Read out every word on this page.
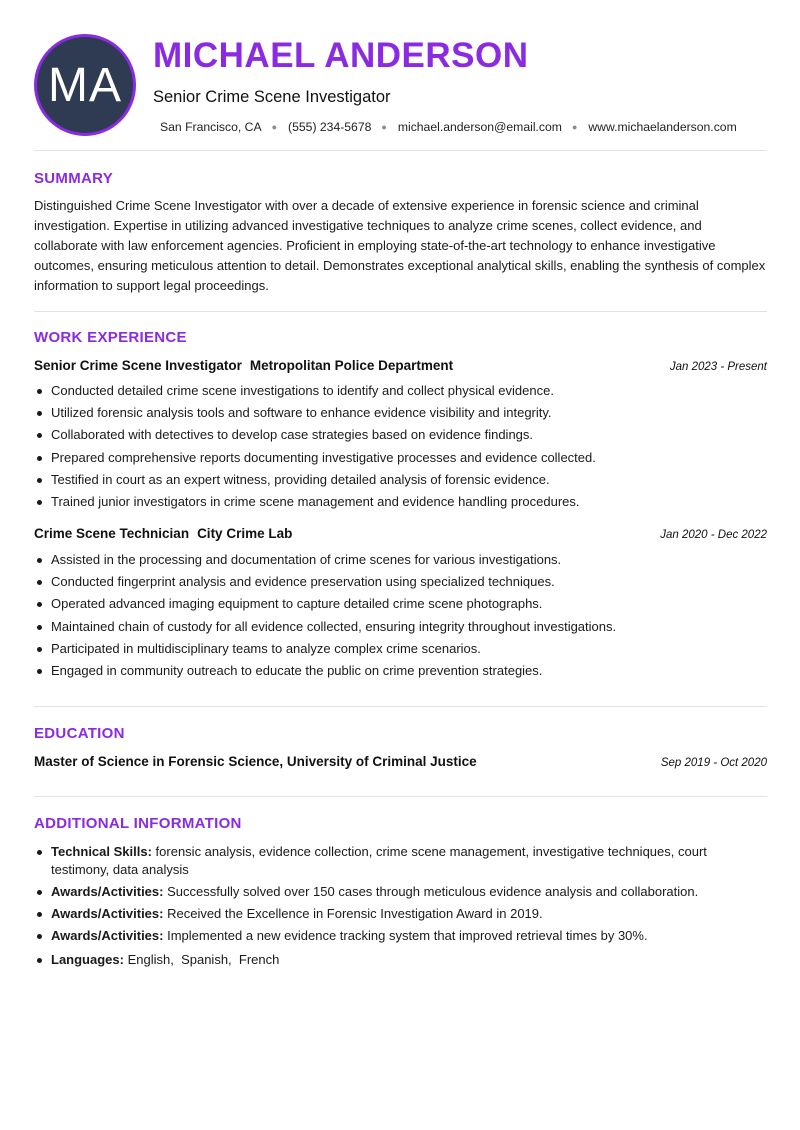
MA
MICHAEL ANDERSON
Senior Crime Scene Investigator
San Francisco, CA ● (555) 234-5678 ● michael.anderson@email.com ● www.michaelanderson.com
SUMMARY

Distinguished Crime Scene Investigator with over a decade of extensive experience in forensic science and criminal investigation. Expertise in utilizing advanced investigative techniques to analyze crime scenes, collect evidence, and collaborate with law enforcement agencies. Proficient in employing state-of-the-art technology to enhance investigative outcomes, ensuring meticulous attention to detail. Demonstrates exceptional analytical skills, enabling the synthesis of complex information to support legal proceedings.

WORK EXPERIENCE
Senior Crime Scene Investigator Metropolitan Police Department	Jan 2023 - Present
Conducted detailed crime scene investigations to identify and collect physical evidence.
Utilized forensic analysis tools and software to enhance evidence visibility and integrity.
Collaborated with detectives to develop case strategies based on evidence findings.
Prepared comprehensive reports documenting investigative processes and evidence collected.
Testified in court as an expert witness, providing detailed analysis of forensic evidence.
Trained junior investigators in crime scene management and evidence handling procedures.
Crime Scene Technician City Crime Lab	Jan 2020 - Dec 2022
Assisted in the processing and documentation of crime scenes for various investigations.
Conducted fingerprint analysis and evidence preservation using specialized techniques.
Operated advanced imaging equipment to capture detailed crime scene photographs.
Maintained chain of custody for all evidence collected, ensuring integrity throughout investigations.
Participated in multidisciplinary teams to analyze complex crime scenarios.
Engaged in community outreach to educate the public on crime prevention strategies.
EDUCATION
Master of Science in Forensic Science, University of Criminal Justice	Sep 2019 - Oct 2020
ADDITIONAL INFORMATION
Technical Skills: forensic analysis, evidence collection, crime scene management, investigative techniques, court testimony, data analysis
Awards/Activities: Successfully solved over 150 cases through meticulous evidence analysis and collaboration.
Awards/Activities: Received the Excellence in Forensic Investigation Award in 2019.
Awards/Activities: Implemented a new evidence tracking system that improved retrieval times by 30%.
Languages: English,  Spanish,  French
